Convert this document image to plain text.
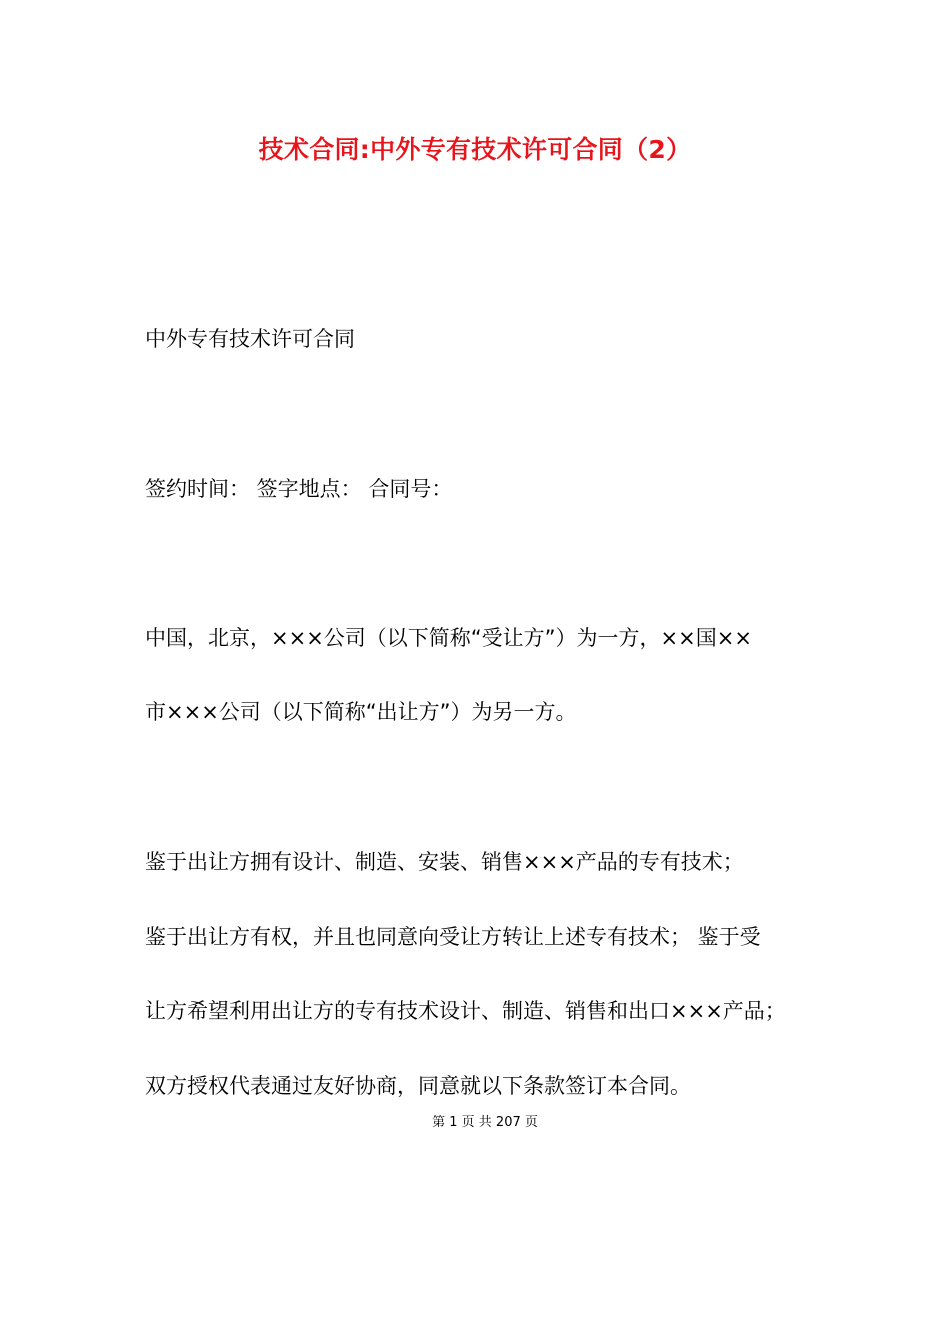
技术合同:中外专有技术许可合同（2）
中外专有技术许可合同
签约时间： 签字地点： 合同号：
中国，北京，×××公司（以下简称“受让方”）为一方，××国××
市×××公司（以下简称“出让方”）为另一方。
鉴于出让方拥有设计、制造、安装、销售×××产品的专有技术；
鉴于出让方有权，并且也同意向受让方转让上述专有技术； 鉴于受
让方希望利用出让方的专有技术设计、制造、销售和出口×××产品；
双方授权代表通过友好协商，同意就以下条款签订本合同。
第 1 页 共 207 页
